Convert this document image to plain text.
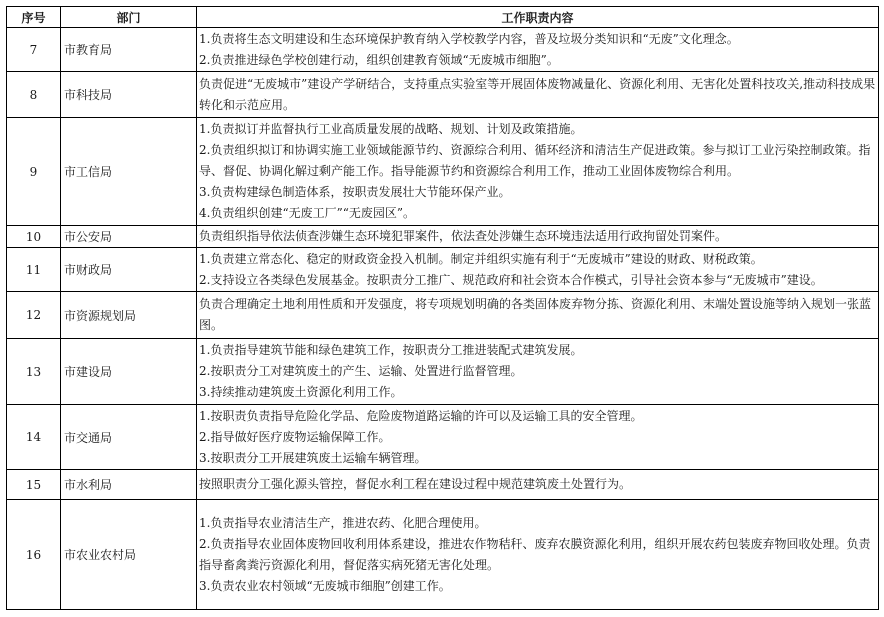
序号	部门	工作职责内容
7	市教育局	1.负责将生态文明建设和生态环境保护教育纳入学校教学内容，普及垃圾分类知识和“无废”文化理念。
2.负责推进绿色学校创建行动，组织创建教育领域“无废城市细胞”。

8	市科技局	负责促进“无废城市”建设产学研结合，支持重点实验室等开展固体废物减量化、资源化利用、无害化处置科技攻关,推动科技成果转化和示范应用。

9	市工信局	1.负责拟订并监督执行工业高质量发展的战略、规划、计划及政策措施。
2.负责组织拟订和协调实施工业领域能源节约、资源综合利用、循环经济和清洁生产促进政策。参与拟订工业污染控制政策。指导、督促、协调化解过剩产能工作。指导能源节约和资源综合利用工作，推动工业固体废物综合利用。
3.负责构建绿色制造体系，按职责发展壮大节能环保产业。
4.负责组织创建“无废工厂”“无废园区”。

10	市公安局	负责组织指导依法侦查涉嫌生态环境犯罪案件，依法查处涉嫌生态环境违法适用行政拘留处罚案件。

11	市财政局	1.负责建立常态化、稳定的财政资金投入机制。制定并组织实施有利于“无废城市”建设的财政、财税政策。
2.支持设立各类绿色发展基金。按职责分工推广、规范政府和社会资本合作模式，引导社会资本参与“无废城市”建设。

12	市资源规划局	负责合理确定土地利用性质和开发强度，将专项规划明确的各类固体废弃物分拣、资源化利用、末端处置设施等纳入规划一张蓝图。

13	市建设局	1.负责指导建筑节能和绿色建筑工作，按职责分工推进装配式建筑发展。
2.按职责分工对建筑废土的产生、运输、处置进行监督管理。
3.持续推动建筑废土资源化利用工作。

14	市交通局	1.按职责负责指导危险化学品、危险废物道路运输的许可以及运输工具的安全管理。
2.指导做好医疗废物运输保障工作。
3.按职责分工开展建筑废土运输车辆管理。

15	市水利局	按照职责分工强化源头管控，督促水利工程在建设过程中规范建筑废土处置行为。

16	市农业农村局	1.负责指导农业清洁生产，推进农药、化肥合理使用。
2.负责指导农业固体废物回收利用体系建设，推进农作物秸秆、废弃农膜资源化利用，组织开展农药包装废弃物回收处理。负责指导畜禽粪污资源化利用，督促落实病死猪无害化处理。
3.负责农业农村领域“无废城市细胞”创建工作。
